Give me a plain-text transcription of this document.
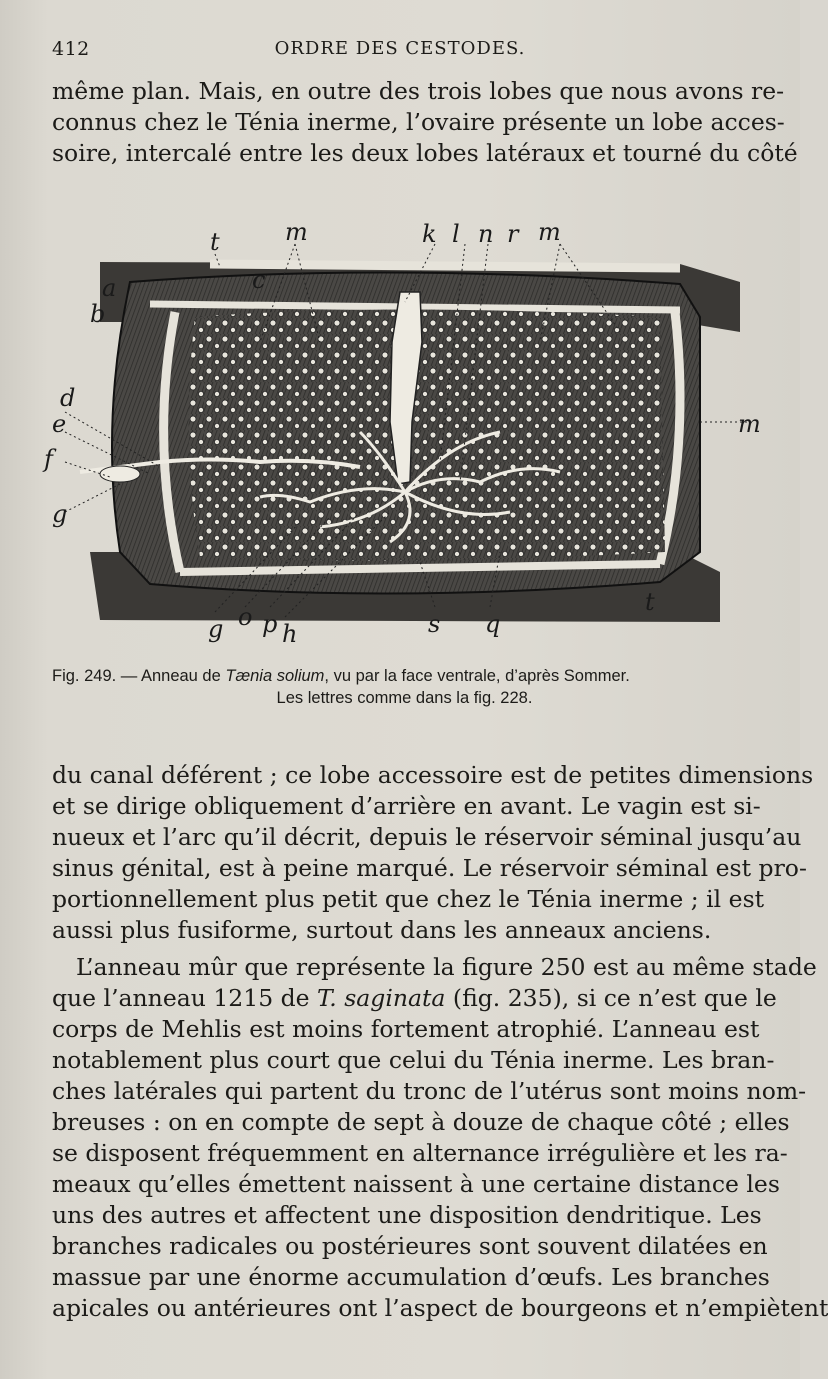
412	ORDRE DES CESTODES.
même plan. Mais, en outre des trois lobes que nous avons re-
connus chez le Ténia inerme, l’ovaire présente un lobe acces-
soire, intercalé entre les deux lobes latéraux et tourné du côté
t	m	k l n r m
a
b
d
e
f
g
c
m
g o p h	s q
t
Fig. 249. — Anneau de Tænia solium, vu par la face ventrale, d’après Sommer.
Les lettres comme dans la fig. 228.
du canal déférent ; ce lobe accessoire est de petites dimensions
et se dirige obliquement d’arrière en avant. Le vagin est si-
nueux et l’arc qu’il décrit, depuis le réservoir séminal jusqu’au
sinus génital, est à peine marqué. Le réservoir séminal est pro-
portionnellement plus petit que chez le Ténia inerme ; il est
aussi plus fusiforme, surtout dans les anneaux anciens.
L’anneau mûr que représente la figure 250 est au même stade
que l’anneau 1215 de T. saginata (fig. 235), si ce n’est que le
corps de Mehlis est moins fortement atrophié. L’anneau est
notablement plus court que celui du Ténia inerme. Les bran-
ches latérales qui partent du tronc de l’utérus sont moins nom-
breuses : on en compte de sept à douze de chaque côté ; elles
se disposent fréquemment en alternance irrégulière et les ra-
meaux qu’elles émettent naissent à une certaine distance les
uns des autres et affectent une disposition dendritique. Les
branches radicales ou postérieures sont souvent dilatées en
massue par une énorme accumulation d’œufs. Les branches
apicales ou antérieures ont l’aspect de bourgeons et n’empiètent
